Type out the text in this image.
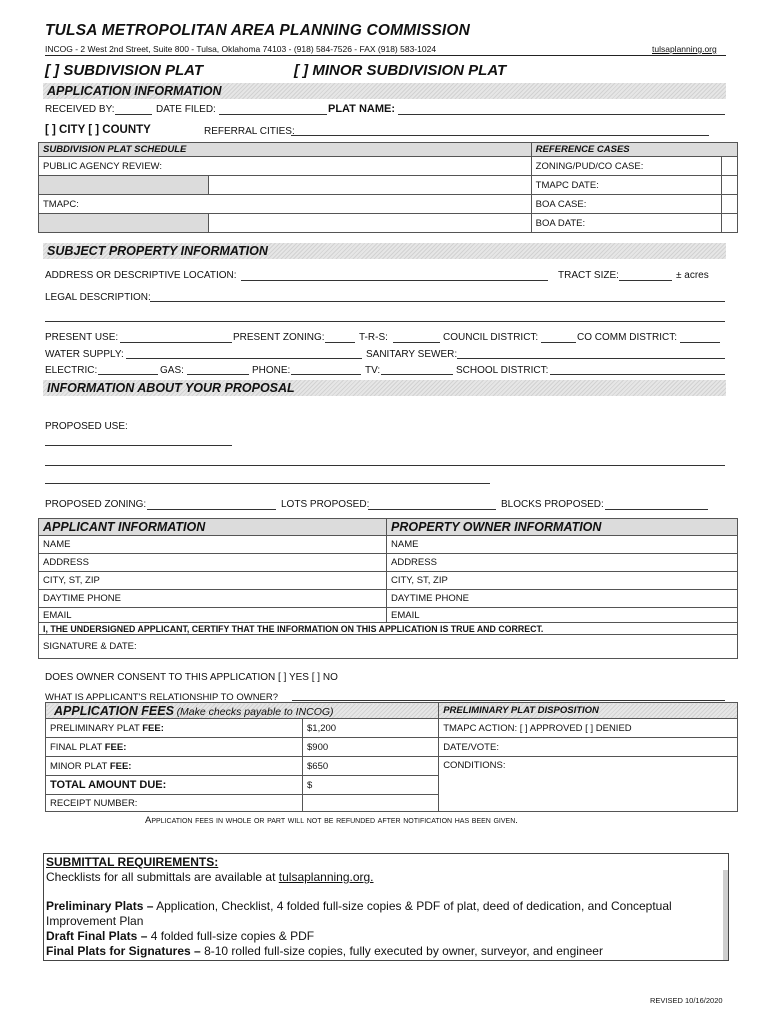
TULSA METROPOLITAN AREA PLANNING COMMISSION
INCOG - 2 West 2nd Street, Suite 800 - Tulsa, Oklahoma 74103 - (918) 584-7526 - FAX (918) 583-1024	tulsaplanning.org
[ ] SUBDIVISION PLAT	[ ] MINOR SUBDIVISION PLAT
APPLICATION INFORMATION
RECEIVED BY:	DATE FILED:	PLAT NAME:
[ ] CITY [ ] COUNTY	REFERRAL CITIES:
SUBDIVISION PLAT SCHEDULE		REFERENCE CASES	
PUBLIC AGENCY REVIEW:		ZONING/PUD/CO CASE:	
		TMAPC DATE:	
TMAPC:		BOA CASE:	
		BOA DATE:	
SUBJECT PROPERTY INFORMATION
ADDRESS OR DESCRIPTIVE LOCATION:	TRACT SIZE:	± acres
LEGAL DESCRIPTION:
PRESENT USE:	PRESENT ZONING:	T-R-S:	COUNCIL DISTRICT:	CO COMM DISTRICT:
WATER SUPPLY:	SANITARY SEWER:
ELECTRIC:	GAS:	PHONE:	TV:	SCHOOL DISTRICT:
INFORMATION ABOUT YOUR PROPOSAL
PROPOSED USE:
PROPOSED ZONING:	LOTS PROPOSED:	BLOCKS PROPOSED:
APPLICANT INFORMATION	PROPERTY OWNER INFORMATION
NAME	NAME
ADDRESS	ADDRESS
CITY, ST, ZIP	CITY, ST, ZIP
DAYTIME PHONE	DAYTIME PHONE
EMAIL	EMAIL
I, THE UNDERSIGNED APPLICANT, CERTIFY THAT THE INFORMATION ON THIS APPLICATION IS TRUE AND CORRECT.	
SIGNATURE & DATE:	
DOES OWNER CONSENT TO THIS APPLICATION [ ] YES [ ] NO
WHAT IS APPLICANT'S RELATIONSHIP TO OWNER?
APPLICATION FEES (Make checks payable to INCOG)		PRELIMINARY PLAT DISPOSITION
PRELIMINARY PLAT FEE:	$1,200	TMAPC ACTION: [ ] APPROVED [ ] DENIED
FINAL PLAT FEE:	$900	DATE/VOTE:
MINOR PLAT FEE:	$650	CONDITIONS:
TOTAL AMOUNT DUE:	$	
RECEIPT NUMBER:		
Application fees in whole or part will not be refunded after notification has been given.
SUBMITTAL REQUIREMENTS:
Checklists for all submittals are available at tulsaplanning.org.
Preliminary Plats – Application, Checklist, 4 folded full-size copies & PDF of plat, deed of dedication, and Conceptual
Improvement Plan
Draft Final Plats – 4 folded full-size copies & PDF
Final Plats for Signatures – 8-10 rolled full-size copies, fully executed by owner, surveyor, and engineer
REVISED 10/16/2020
